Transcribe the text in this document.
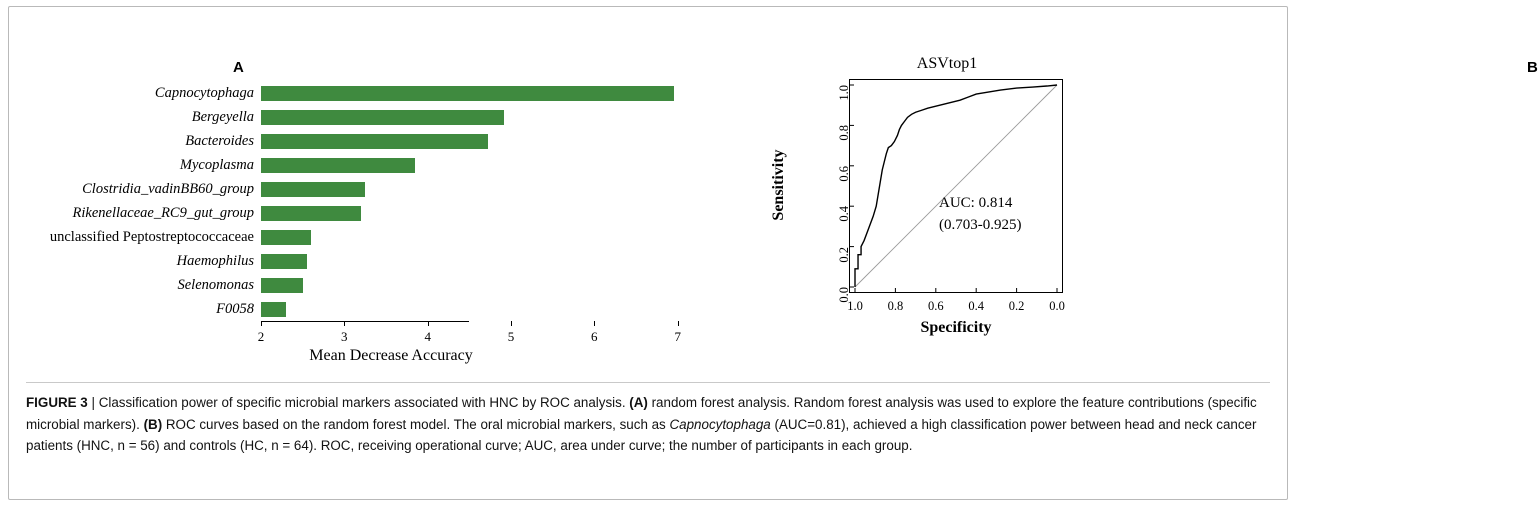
A
Capnocytophaga
Bergeyella
Bacteroides
Mycoplasma
Clostridia_vadinBB60_group
Rikenellaceae_RC9_gut_group
unclassified Peptostreptococcaceae
Haemophilus
Selenomonas
F0058
2	3	4	5	6	7
Mean Decrease Accuracy
B
ASVtop1
1.0 0.8 0.6 0.4 0.2 0.0
0.0
0.2
0.4
0.6
0.8
1.0
Specificity
Sensitivity	AUC: 0.814
(0.703-0.925)
FIGURE 3 | Classification power of specific microbial markers associated with HNC by ROC analysis. (A) random forest analysis. Random forest analysis was used to explore the feature contributions (specific microbial markers). (B) ROC curves based on the random forest model. The oral microbial markers, such as Capnocytophaga (AUC=0.81), achieved a high classification power between head and neck cancer patients (HNC, n = 56) and controls (HC, n = 64). ROC, receiving operational curve; AUC, area under curve; the number of participants in each group.
